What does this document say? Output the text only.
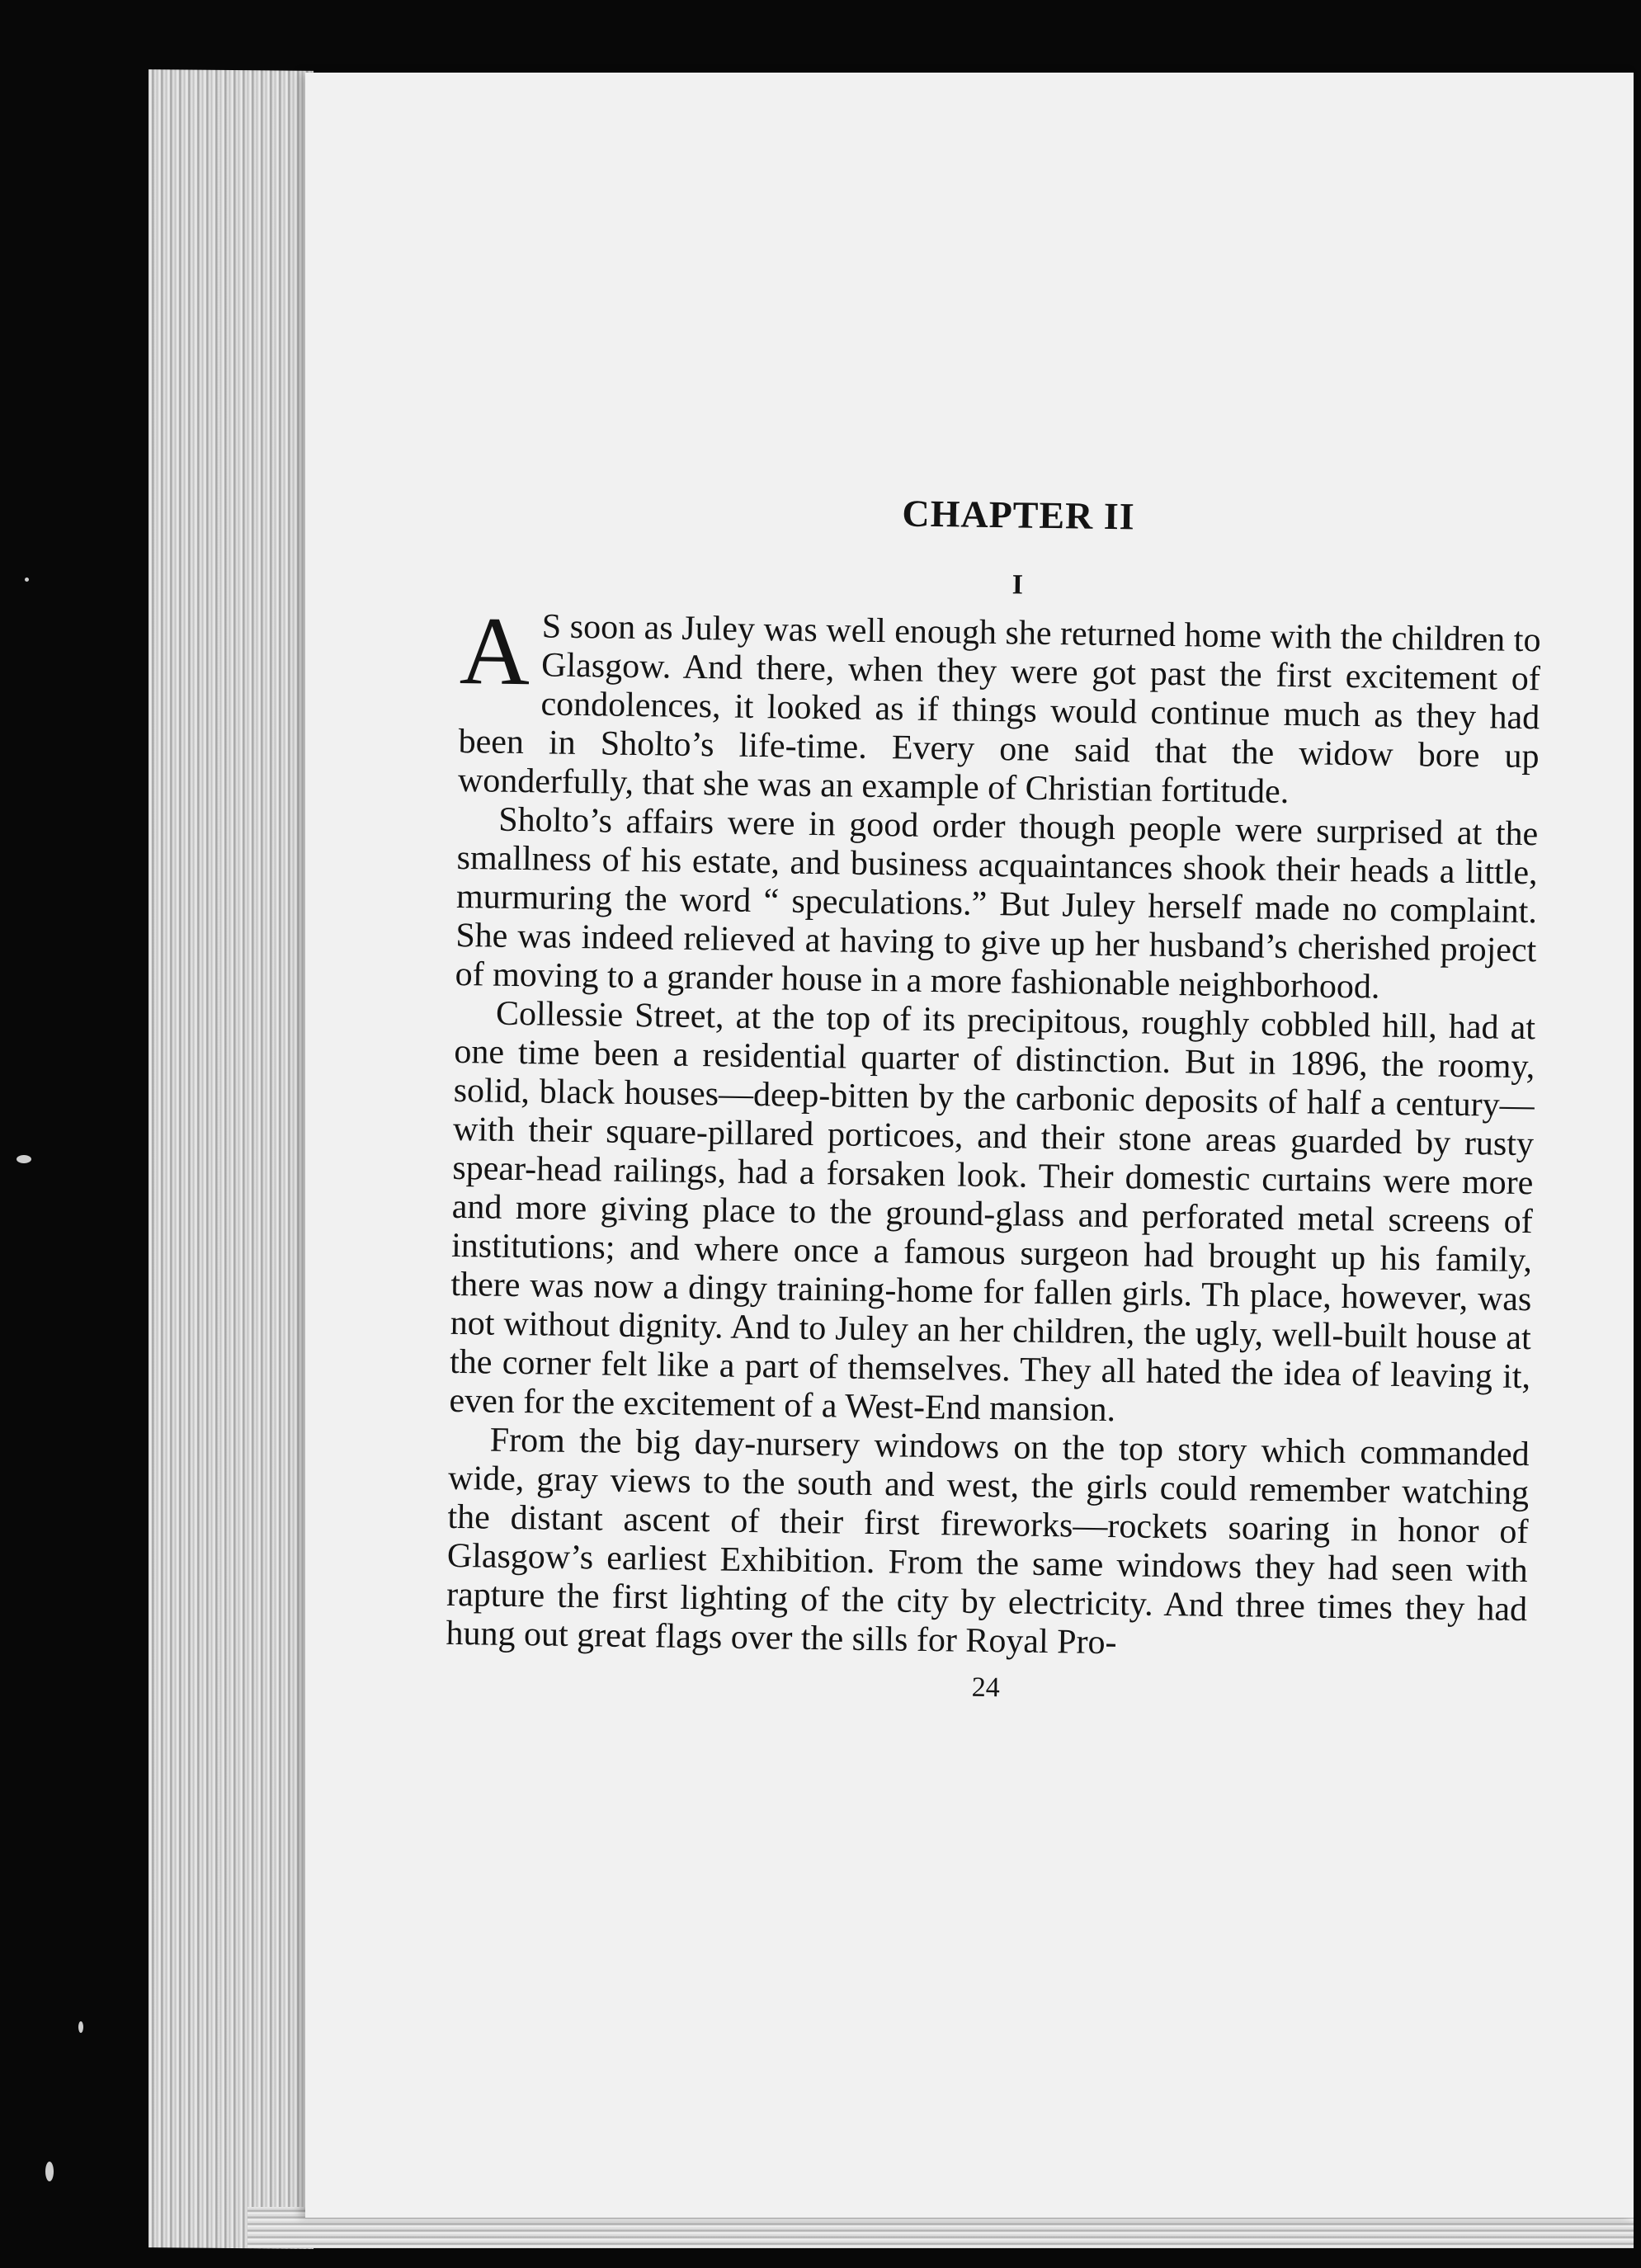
CHAPTER II
I

A S soon as Juley was well enough she returned home with the children to Glasgow. And there, when they were got past the first excitement of condolences, it looked as if things would continue much as they had been in Sholto’s life-time. Every one said that the widow bore up wonderfully, that she was an example of Christian fortitude.

Sholto’s affairs were in good order though people were surprised at the smallness of his estate, and business acquaintances shook their heads a little, murmuring the word “ speculations.” But Juley herself made no complaint. She was indeed relieved at having to give up her husband’s cherished project of moving to a grander house in a more fashionable neighborhood.

Collessie Street, at the top of its precipitous, roughly cobbled hill, had at one time been a residential quarter of distinction. But in 1896, the roomy, solid, black houses—deep-bitten by the carbonic deposits of half a century—with their square-pillared porticoes, and their stone areas guarded by rusty spear-head railings, had a forsaken look. Their domestic curtains were more and more giving place to the ground-glass and perforated metal screens of institutions; and where once a famous surgeon had brought up his family, there was now a dingy training-home for fallen girls. Th place, however, was not without dignity. And to Juley an her children, the ugly, well-built house at the corner felt like a part of themselves. They all hated the idea of leaving it, even for the excitement of a West-End mansion.

From the big day-nursery windows on the top story which commanded wide, gray views to the south and west, the girls could remember watching the distant ascent of their first fireworks—rockets soaring in honor of Glasgow’s earliest Exhibition. From the same windows they had seen with rapture the first lighting of the city by electricity. And three times they had hung out great flags over the sills for Royal Pro-

24
